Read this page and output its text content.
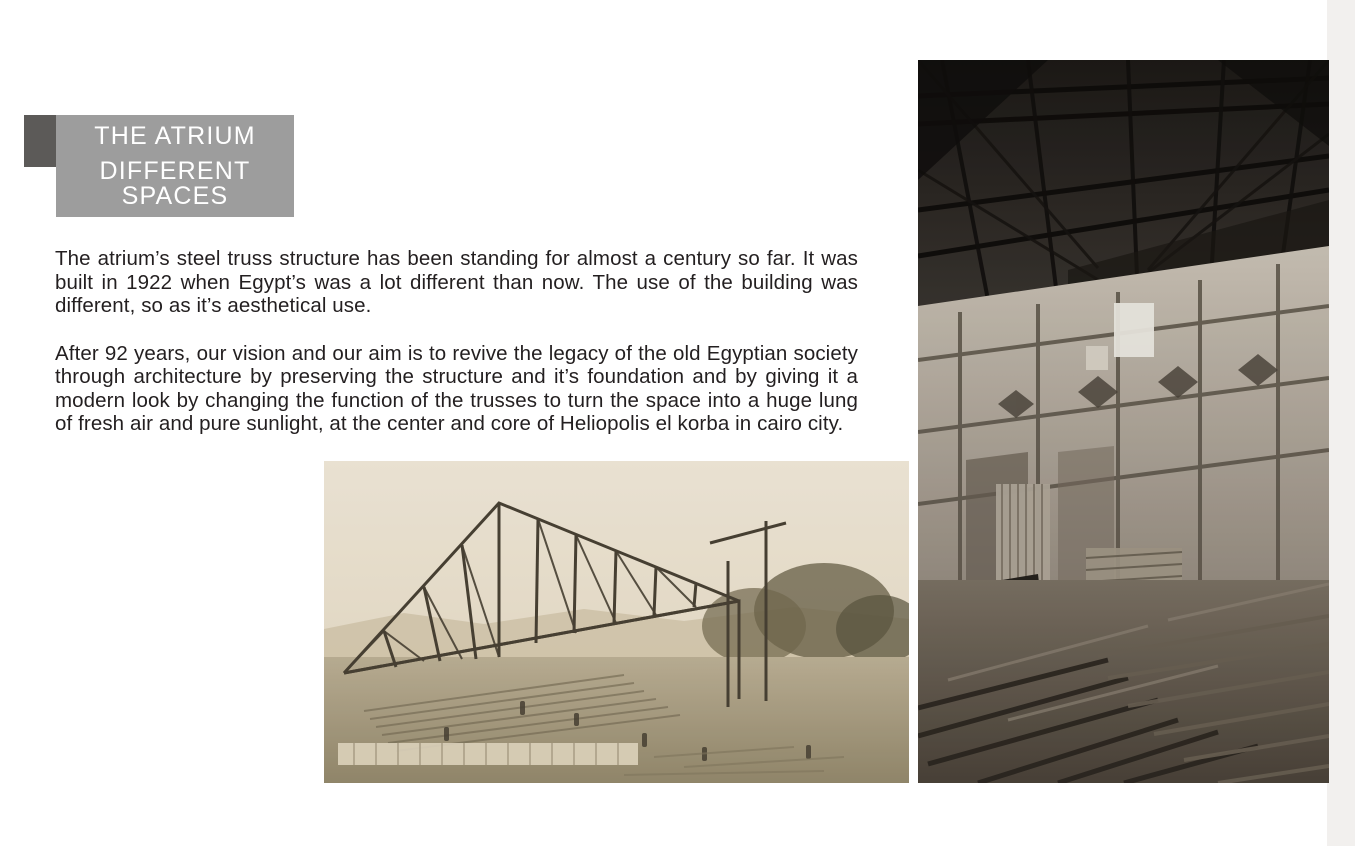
THE ATRIUM
DIFFERENT SPACES

The atrium’s steel truss structure has been standing for almost a century so far. It was built in 1922 when Egypt’s was a lot different than now. The use of the building was different, so as it’s aesthetical use.

After 92 years, our vision and our aim is to revive the legacy of the old Egyptian society through architecture by preserving the structure and it’s foundation and by giving it a modern look by changing the function of the trusses to turn the space into a huge lung of fresh air and pure sunlight, at the center and core of Heliopolis el korba in cairo city.
